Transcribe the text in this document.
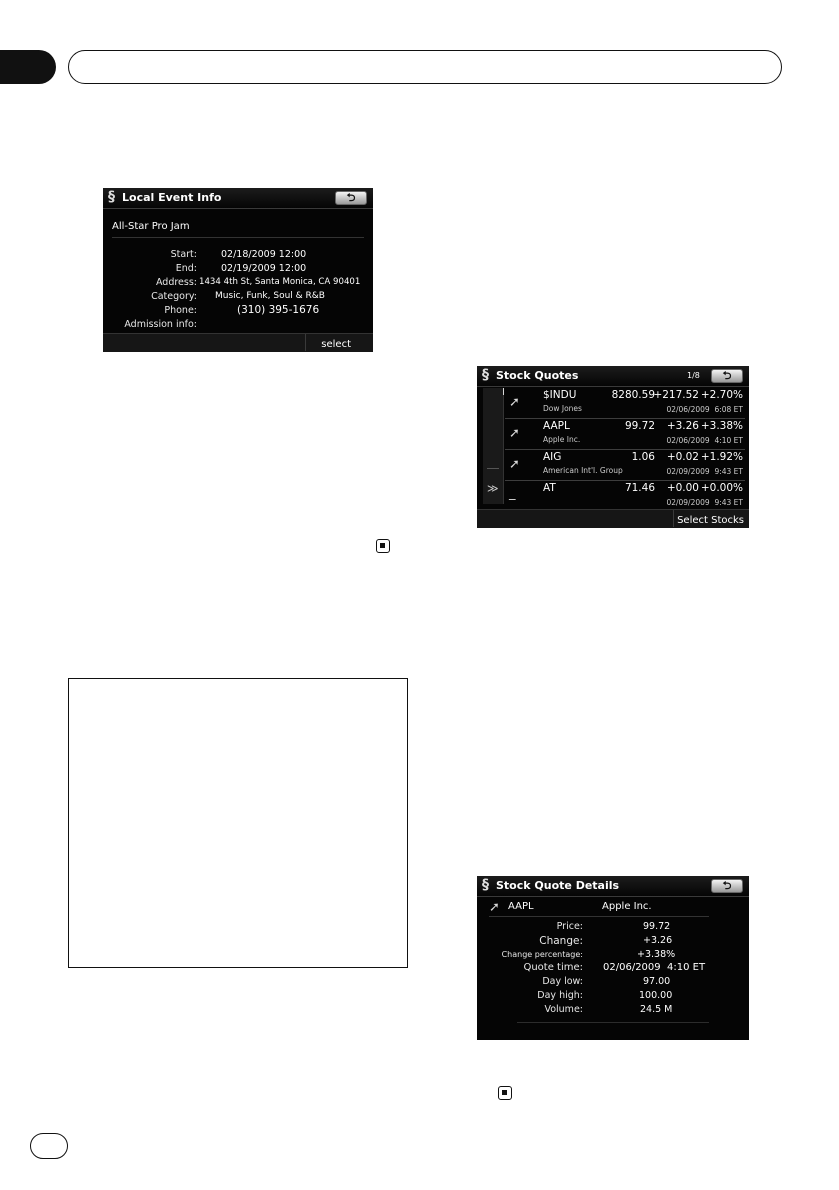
§ Local Event Info	⮌
All-Star Pro Jam
Start:	02/18/2009 12:00
End:	02/19/2009 12:00
Address: 1434 4th St, Santa Monica, CA 90401
Category: Music, Funk, Soul & R&B
Phone:	(310) 395-1676
Admission info:
select
§ Stock Quotes	1/8	⮌
I
≫
➚ $INDU
Dow Jones
8280.59
+217.52 +2.70%
02/06/2009 6:08 ET
➚ AAPL
Apple Inc.
99.72 +3.26 +3.38%
02/06/2009 4:10 ET
➚ AIG
American Int'l. Group
1.06 +0.02 +1.92%
02/09/2009 9:43 ET
_	AT	71.46 +0.00 +0.00%
02/09/2009 9:43 ET
Select Stocks
§ Stock Quote Details	⮌
➚ AAPL	Apple Inc.
Price:	99.72
Change:	+3.26
Change percentage:	+3.38%
Quote time: 02/06/2009  4:10 ET
Day low:	97.00
Day high:	100.00
Volume:	24.5 M
